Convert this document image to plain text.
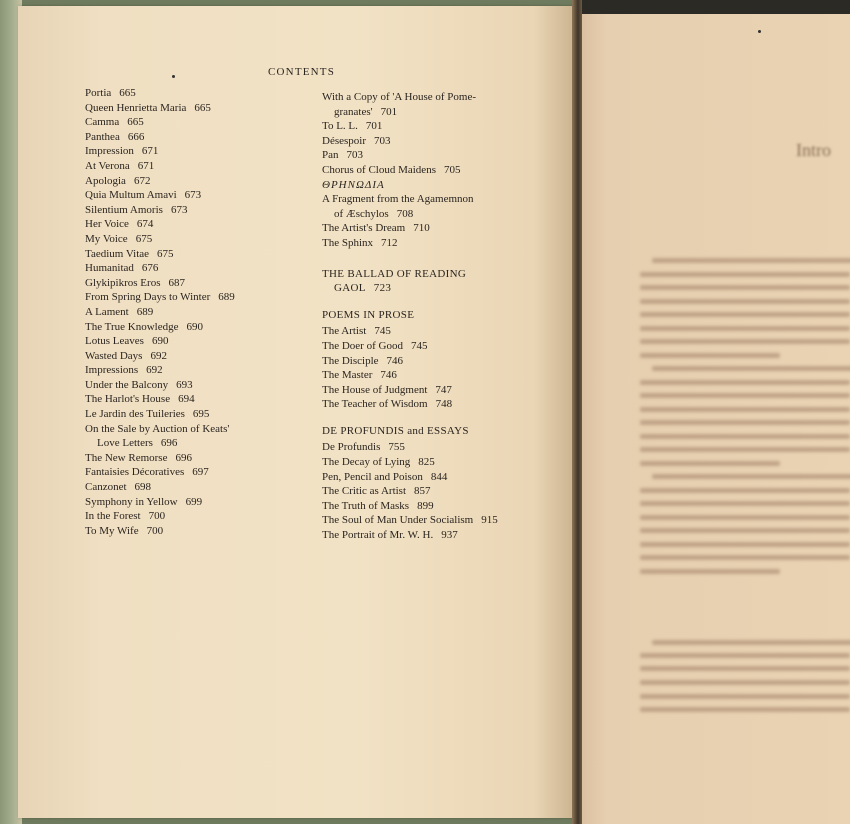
CONTENTS
Portia 665
Queen Henrietta Maria 665
Camma 665
Panthea 666
Impression 671
At Verona 671
Apologia 672
Quia Multum Amavi 673
Silentium Amoris 673
Her Voice 674
My Voice 675
Taedium Vitae 675
Humanitad 676
Glykipikros Eros 687
From Spring Days to Winter 689
A Lament 689
The True Knowledge 690
Lotus Leaves 690
Wasted Days 692
Impressions 692
Under the Balcony 693
The Harlot's House 694
Le Jardin des Tuileries 695
On the Sale by Auction of Keats'
Love Letters 696
The New Remorse 696
Fantaisies Décoratives 697
Canzonet 698
Symphony in Yellow 699
In the Forest 700
To My Wife 700
With a Copy of 'A House of Pome-
granates' 701
To L. L. 701
Désespoir 703
Pan 703
Chorus of Cloud Maidens 705
ΘΡΗΝΩΔΙΑ
A Fragment from the Agamemnon
of Æschylos 708
The Artist's Dream 710
The Sphinx 712
THE BALLAD OF READING
GAOL 723
POEMS IN PROSE
The Artist 745
The Doer of Good 745
The Disciple 746
The Master 746
The House of Judgment 747
The Teacher of Wisdom 748
DE PROFUNDIS and ESSAYS
De Profundis 755
The Decay of Lying 825
Pen, Pencil and Poison 844
The Critic as Artist 857
The Truth of Masks 899
The Soul of Man Under Socialism 915
The Portrait of Mr. W. H. 937
Intro
